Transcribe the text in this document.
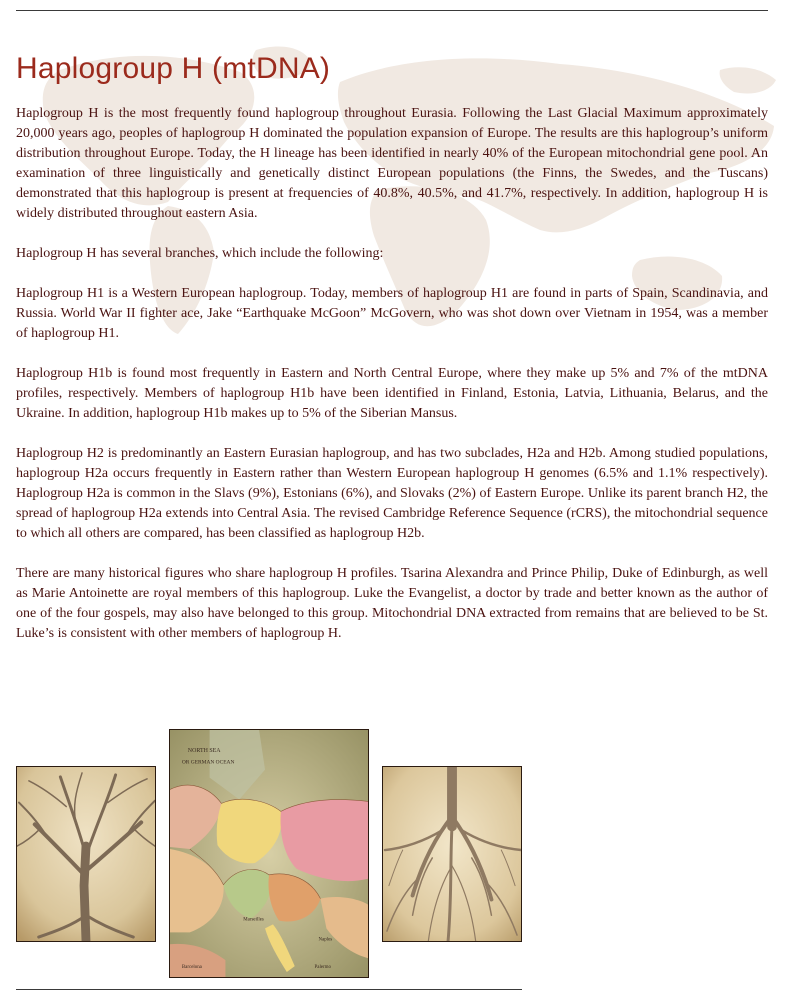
Haplogroup H (mtDNA)

Haplogroup H is the most frequently found haplogroup throughout Eurasia. Following the Last Glacial Maximum approximately 20,000 years ago, peoples of haplogroup H dominated the population expansion of Europe. The results are this haplogroup’s uniform distribution throughout Europe. Today, the H lineage has been identified in nearly 40% of the European mitochondrial gene pool. An examination of three linguistically and genetically distinct European populations (the Finns, the Swedes, and the Tuscans) demonstrated that this haplogroup is present at frequencies of 40.8%, 40.5%, and 41.7%, respectively. In addition, haplogroup H is widely distributed throughout eastern Asia.

Haplogroup H has several branches, which include the following:

Haplogroup H1 is a Western European haplogroup. Today, members of haplogroup H1 are found in parts of Spain, Scandinavia, and Russia. World War II fighter ace, Jake “Earthquake McGoon” McGovern, who was shot down over Vietnam in 1954, was a member of haplogroup H1.

Haplogroup H1b is found most frequently in Eastern and North Central Europe, where they make up 5% and 7% of the mtDNA profiles, respectively. Members of haplogroup H1b have been identified in Finland, Estonia, Latvia, Lithuania, Belarus, and the Ukraine. In addition, haplogroup H1b makes up to 5% of the Siberian Mansus.

Haplogroup H2 is predominantly an Eastern Eurasian haplogroup, and has two subclades, H2a and H2b. Among studied populations, haplogroup H2a occurs frequently in Eastern rather than Western European haplogroup H genomes (6.5% and 1.1% respectively). Haplogroup H2a is common in the Slavs (9%), Estonians (6%), and Slovaks (2%) of Eastern Europe. Unlike its parent branch H2, the spread of haplogroup H2a extends into Central Asia. The revised Cambridge Reference Sequence (rCRS), the mitochondrial sequence to which all others are compared, has been classified as haplogroup H2b.

There are many historical figures who share haplogroup H profiles. Tsarina Alexandra and Prince Philip, Duke of Edinburgh, as well as Marie Antoinette are royal members of this haplogroup. Luke the Evangelist, a doctor by trade and better known as the author of one of the four gospels, may also have belonged to this group. Mitochondrial DNA extracted from remains that are believed to be St. Luke’s is consistent with other members of haplogroup H.

NORTH SEA
OR GERMAN OCEAN
Marseilles
Barcelona
Naples
Palermo
